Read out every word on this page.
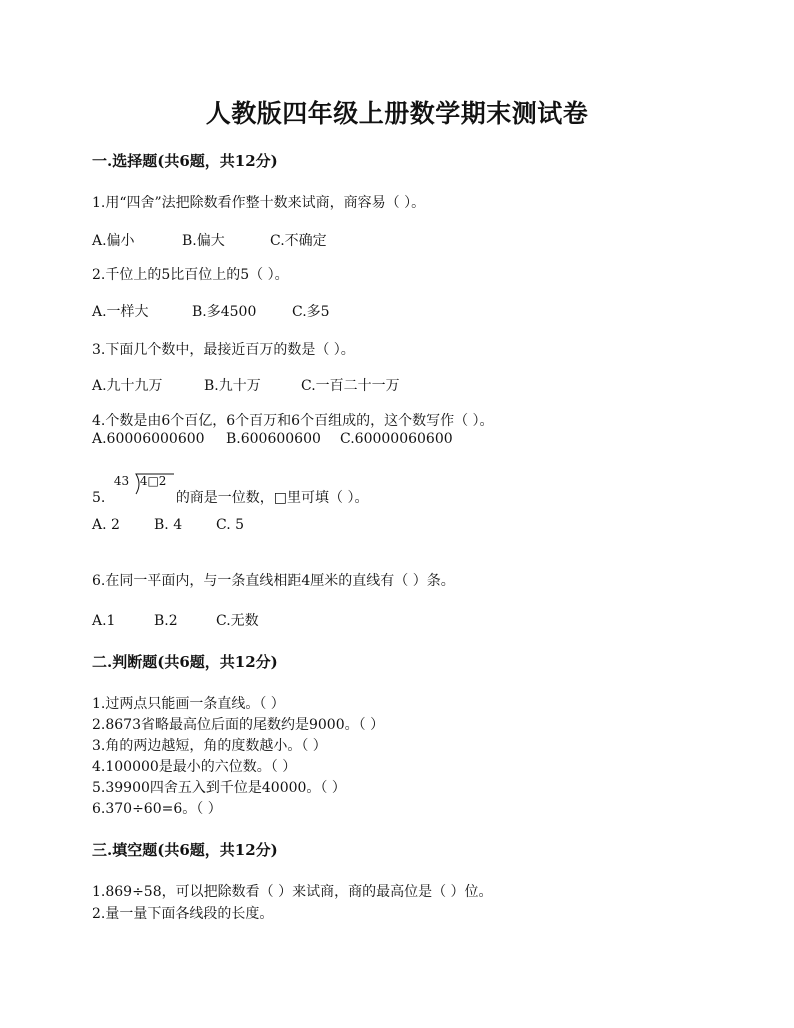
人教版四年级上册数学期末测试卷
一.选择题(共6题，共12分)
1.用“四舍”法把除数看作整十数来试商，商容易（ ）。
A.偏小	B.偏大	C.不确定
2.千位上的5比百位上的5（ ）。
A.一样大	B.多4500	C.多5
3.下面几个数中，最接近百万的数是（ ）。
A.九十九万	B.九十万	C.一百二十一万
4.个数是由6个百亿，6个百万和6个百组成的，这个数写作（ ）。
A.60006000600 B.600600600 C.60000060600
5.
43 4□2
的商是一位数，□里可填（ ）。
A. 2 B. 4 C. 5
6.在同一平面内，与一条直线相距4厘米的直线有（ ）条。
A.1	B.2	C.无数
二.判断题(共6题，共12分)
1.过两点只能画一条直线。（ ）
2.8673省略最高位后面的尾数约是9000。（ ）
3.角的两边越短，角的度数越小。（ ）
4.100000是最小的六位数。（ ）
5.39900四舍五入到千位是40000。（ ）
6.370÷60=6。（ ）
三.填空题(共6题，共12分)
1.869÷58，可以把除数看（ ）来试商，商的最高位是（ ）位。
2.量一量下面各线段的长度。
